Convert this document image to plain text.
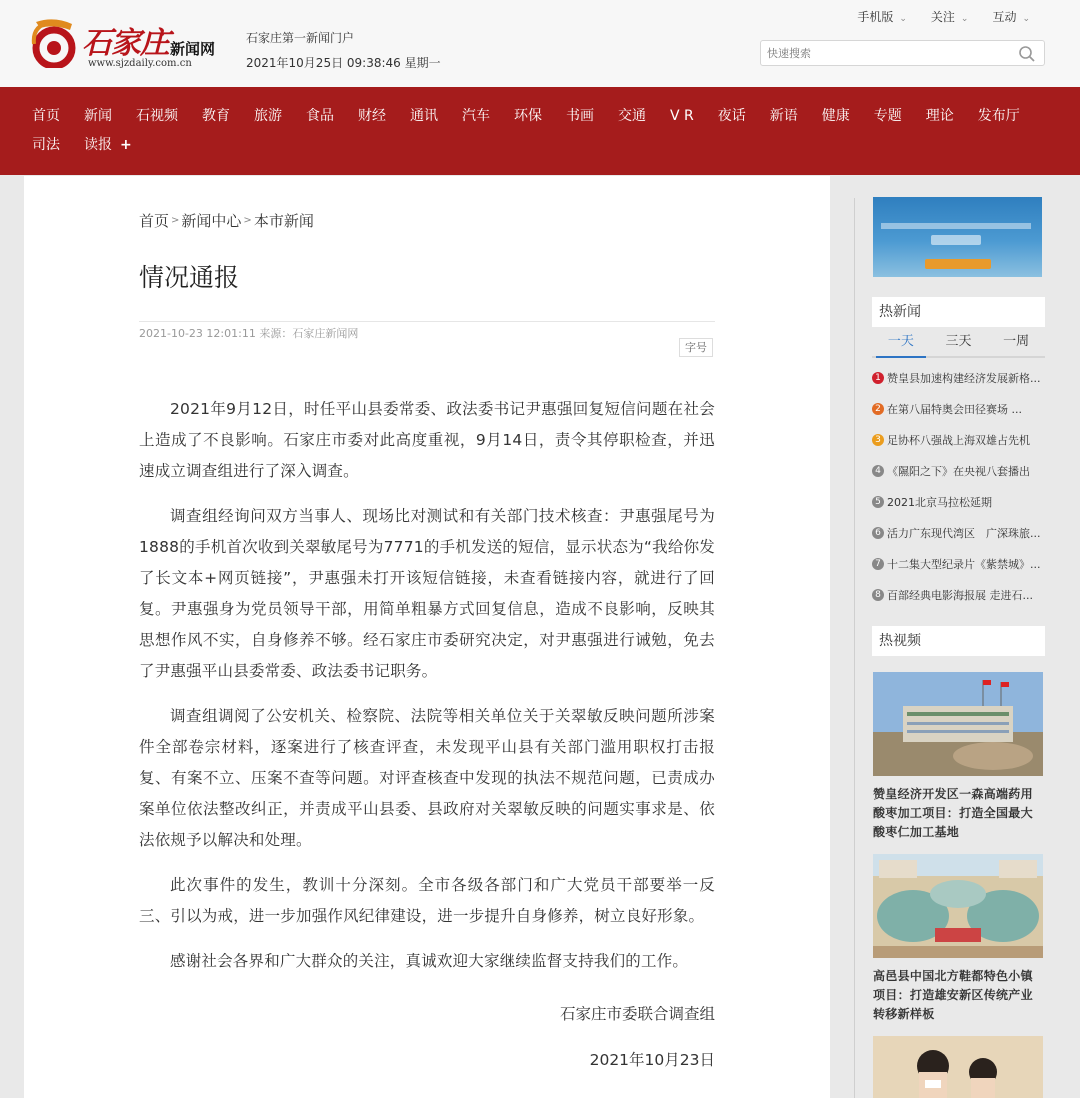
石家庄 新闻网
www.sjzdaily.com.cn
石家庄第一新闻门户
2021年10月25日 09:38:46 星期一
手机版 ⌄ 关注 ⌄ 互动 ⌄
快速搜索
首页	新闻	石视频	教育	旅游	食品	财经	通讯	汽车	环保	书画	交通	V R	夜话	新语	健康	专题	理论	发布厅
司法	读报 +
首页 > 新闻中心 > 本市新闻
情况通报
2021-10-23 12:01:11 来源：石家庄新闻网
字号

2021年9月12日，时任平山县委常委、政法委书记尹惠强回复短信问题在社会上造成了不良影响。石家庄市委对此高度重视，9月14日，责令其停职检查，并迅速成立调查组进行了深入调查。

调查组经询问双方当事人、现场比对测试和有关部门技术核查：尹惠强尾号为1888的手机首次收到关翠敏尾号为7771的手机发送的短信，显示状态为“我给你发了长文本+网页链接”，尹惠强未打开该短信链接，未查看链接内容，就进行了回复。尹惠强身为党员领导干部，用简单粗暴方式回复信息，造成不良影响，反映其思想作风不实，自身修养不够。经石家庄市委研究决定，对尹惠强进行诫勉，免去了尹惠强平山县委常委、政法委书记职务。

调查组调阅了公安机关、检察院、法院等相关单位关于关翠敏反映问题所涉案件全部卷宗材料，逐案进行了核查评查，未发现平山县有关部门滥用职权打击报复、有案不立、压案不查等问题。对评查核查中发现的执法不规范问题，已责成办案单位依法整改纠正，并责成平山县委、县政府对关翠敏反映的问题实事求是、依法依规予以解决和处理。

此次事件的发生，教训十分深刻。全市各级各部门和广大党员干部要举一反三、引以为戒，进一步加强作风纪律建设，进一步提升自身修养，树立良好形象。

感谢社会各界和广大群众的关注，真诚欢迎大家继续监督支持我们的工作。

石家庄市委联合调查组
2021年10月23日
热新闻
一天	三天	一周
1 赞皇县加速构建经济发展新格...
2 在第八届特奥会田径赛场 ...
3 足协杯八强战上海双雄占先机
4 《隰阳之下》在央视八套播出
5 2021北京马拉松延期
6 活力广东现代湾区　广深珠旅...
7 十二集大型纪录片《紫禁城》...
8 百部经典电影海报展 走进石...
热视频
赞皇经济开发区一森高端药用酸枣加工项目：打造全国最大酸枣仁加工基地
高邑县中国北方鞋都特色小镇项目：打造雄安新区传统产业转移新样板
